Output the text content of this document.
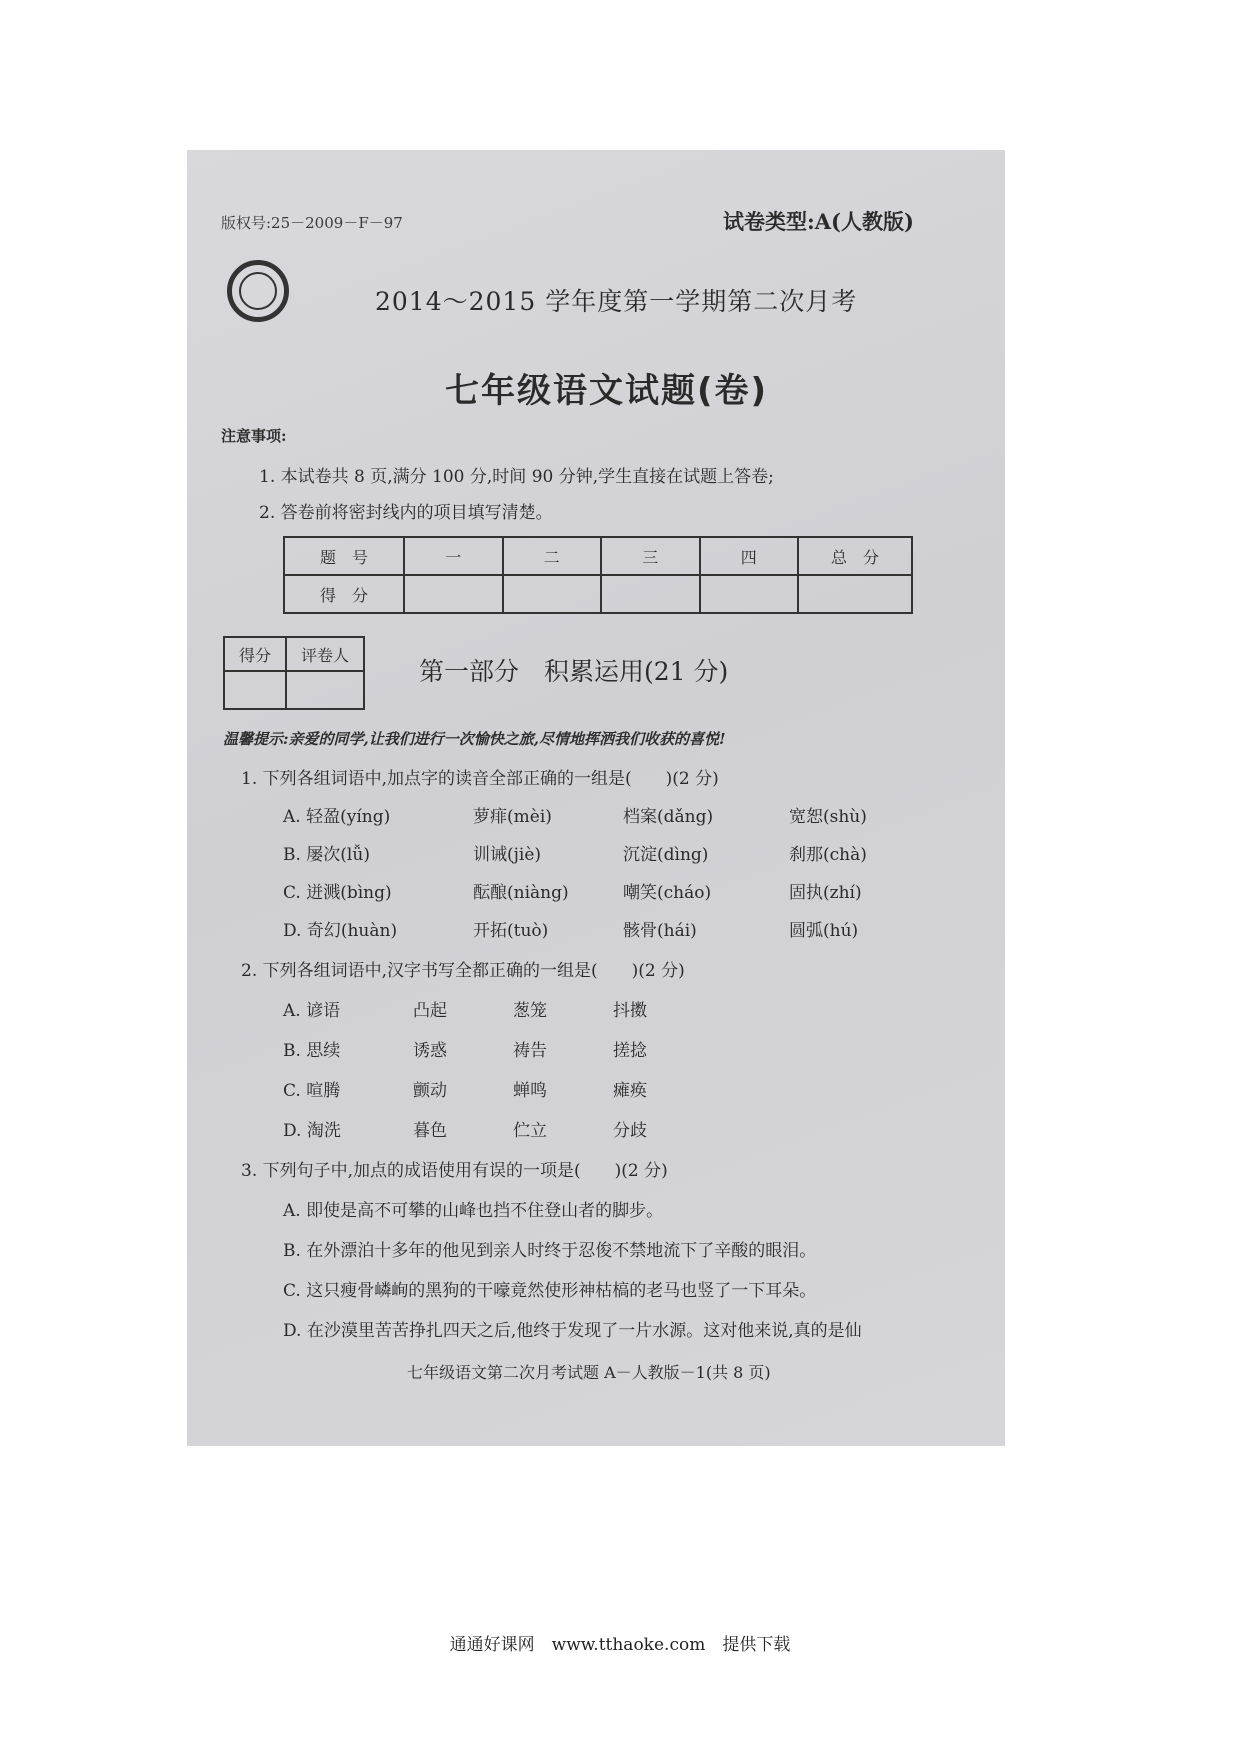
版权号:25－2009－F－97	试卷类型:A(人教版)
2014～2015 学年度第一学期第二次月考
七年级语文试题(卷)
注意事项:
1. 本试卷共 8 页,满分 100 分,时间 90 分钟,学生直接在试题上答卷;
2. 答卷前将密封线内的项目填写清楚。
题　号	一	二	三	四	总　分
得　分					
得分	评卷人

第一部分　积累运用(21 分)
温馨提示:亲爱的同学,让我们进行一次愉快之旅,尽情地挥洒我们收获的喜悦!
1. 下列各组词语中,加点字的读音全部正确的一组是(　　)(2 分)
A. 轻盈(yíng)	萝痱(mèi)	档案(dǎng)	宽恕(shù)
B. 屡次(lǚ)	训诫(jiè)	沉淀(dìng)	刹那(chà)
C. 迸溅(bìng)	酝酿(niàng)	嘲笑(cháo)	固执(zhí)
D. 奇幻(huàn)	开拓(tuò)	骸骨(hái)	圆弧(hú)
2. 下列各组词语中,汉字书写全都正确的一组是(　　)(2 分)
A. 谚语	凸起	葱笼	抖擞
B. 思续	诱惑	祷告	搓捻
C. 喧腾	颤动	蝉鸣	瘫痪
D. 淘洗	暮色	伫立	分歧
3. 下列句子中,加点的成语使用有误的一项是(　　)(2 分)
A. 即使是高不可攀的山峰也挡不住登山者的脚步。
B. 在外漂泊十多年的他见到亲人时终于忍俊不禁地流下了辛酸的眼泪。
C. 这只瘦骨嶙峋的黑狗的干嚎竟然使形神枯槁的老马也竖了一下耳朵。
D. 在沙漠里苦苦挣扎四天之后,他终于发现了一片水源。这对他来说,真的是仙
七年级语文第二次月考试题 A－人教版－1(共 8 页)
通通好课网　www.tthaoke.com　提供下载
